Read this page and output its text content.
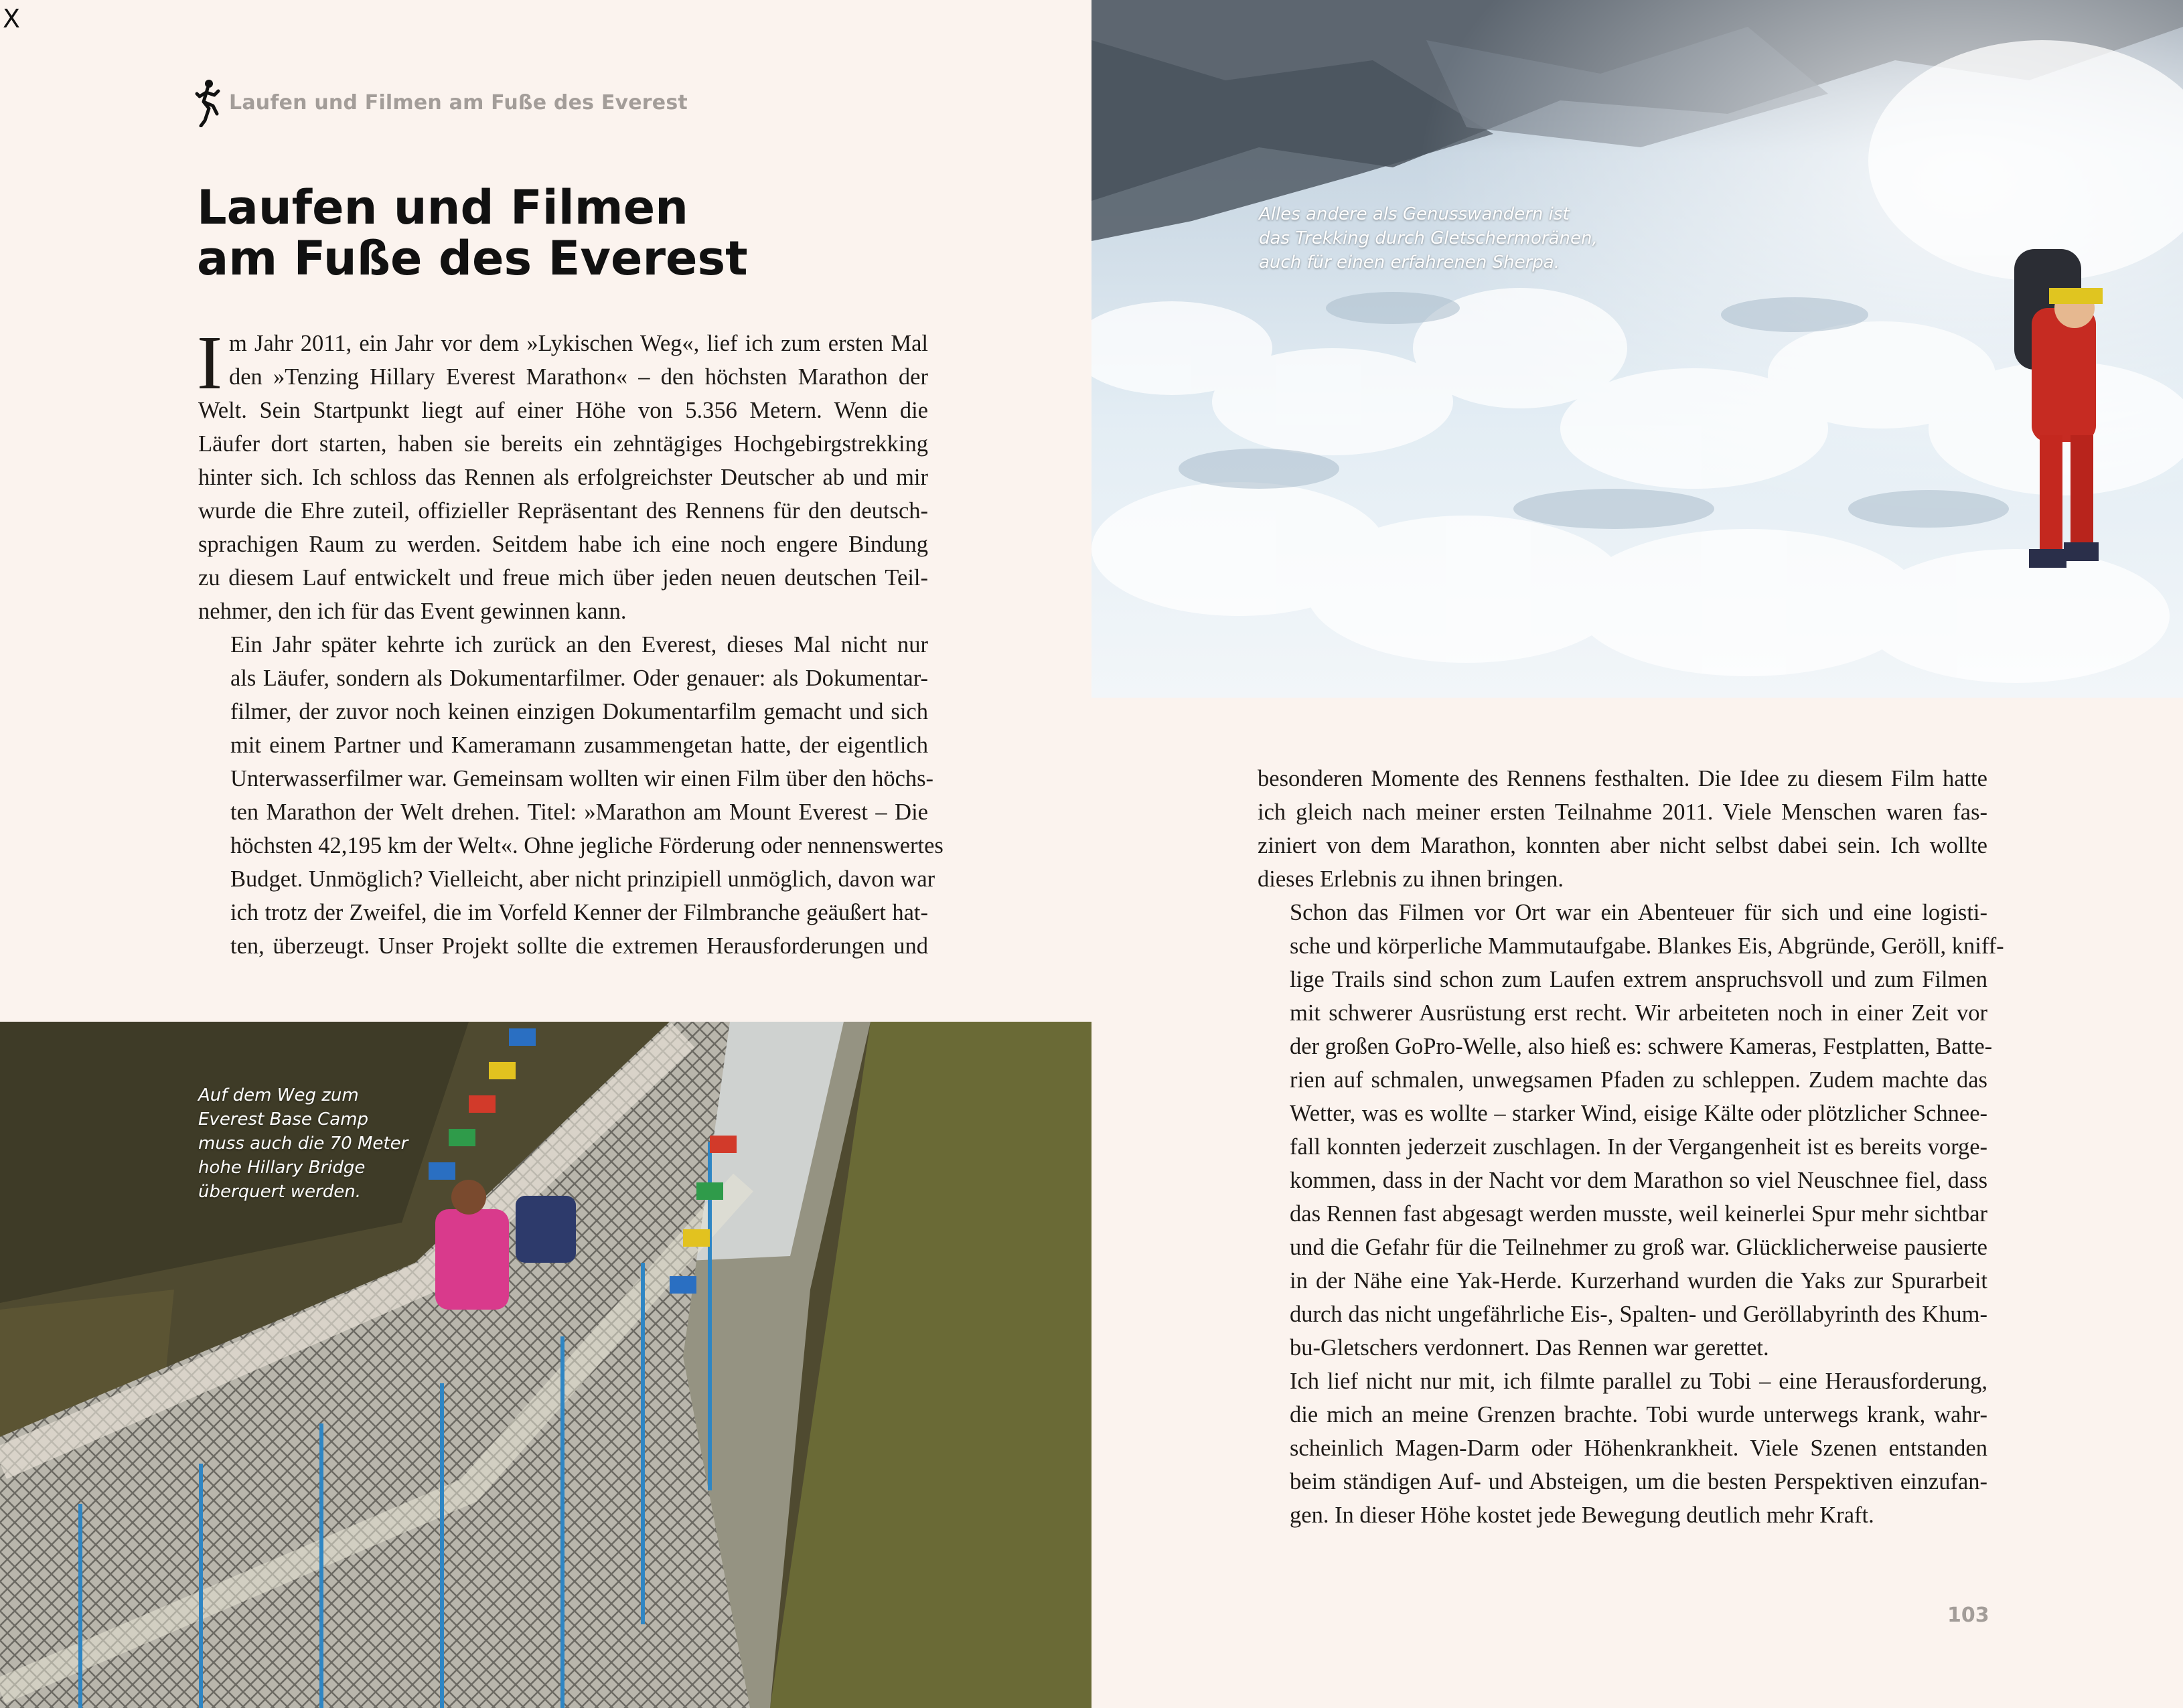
X
Laufen und Filmen am Fuße des Everest
Laufen und Filmen
am Fuße des Everest

I m Jahr 2011, ein Jahr vor dem »Lykischen Weg«, lief ich zum ersten Mal
den »Tenzing Hillary Everest Marathon« – den höchsten Marathon der
Welt. Sein Startpunkt liegt auf einer Höhe von 5.356 Metern. Wenn die
Läufer dort starten, haben sie bereits ein zehntägiges Hochgebirgstrekking
hinter sich. Ich schloss das Rennen als erfolgreichster Deutscher ab und mir
wurde die Ehre zuteil, offizieller Repräsentant des Rennens für den deutsch-
sprachigen Raum zu werden. Seitdem habe ich eine noch engere Bindung
zu diesem Lauf entwickelt und freue mich über jeden neuen deutschen Teil-
nehmer, den ich für das Event gewinnen kann.

Ein Jahr später kehrte ich zurück an den Everest, dieses Mal nicht nur
als Läufer, sondern als Dokumentarfilmer. Oder genauer: als Dokumentar-
filmer, der zuvor noch keinen einzigen Dokumentarfilm gemacht und sich
mit einem Partner und Kameramann zusammengetan hatte, der eigentlich
Unterwasserfilmer war. Gemeinsam wollten wir einen Film über den höchs-
ten Marathon der Welt drehen. Titel: »Marathon am Mount Everest – Die
höchsten 42,195 km der Welt«. Ohne jegliche Förderung oder nennenswertes
Budget. Unmöglich? Vielleicht, aber nicht prinzipiell unmöglich, davon war
ich trotz der Zweifel, die im Vorfeld Kenner der Filmbranche geäußert hat-
ten, überzeugt. Unser Projekt sollte die extremen Herausforderungen und

Alles andere als Genusswandern ist
das Trekking durch Gletschermoränen,
auch für einen erfahrenen Sherpa.

Auf dem Weg zum
Everest Base Camp
muss auch die 70 Meter
hohe Hillary Bridge
überquert werden.

besonderen Momente des Rennens festhalten. Die Idee zu diesem Film hatte
ich gleich nach meiner ersten Teilnahme 2011. Viele Menschen waren fas-
ziniert von dem Marathon, konnten aber nicht selbst dabei sein. Ich wollte
dieses Erlebnis zu ihnen bringen.

Schon das Filmen vor Ort war ein Abenteuer für sich und eine logisti-
sche und körperliche Mammutaufgabe. Blankes Eis, Abgründe, Geröll, kniff-
lige Trails sind schon zum Laufen extrem anspruchsvoll und zum Filmen
mit schwerer Ausrüstung erst recht. Wir arbeiteten noch in einer Zeit vor
der großen GoPro-Welle, also hieß es: schwere Kameras, Festplatten, Batte-
rien auf schmalen, unwegsamen Pfaden zu schleppen. Zudem machte das
Wetter, was es wollte – starker Wind, eisige Kälte oder plötzlicher Schnee-
fall konnten jederzeit zuschlagen. In der Vergangenheit ist es bereits vorge-
kommen, dass in der Nacht vor dem Marathon so viel Neuschnee fiel, dass
das Rennen fast abgesagt werden musste, weil keinerlei Spur mehr sichtbar
und die Gefahr für die Teilnehmer zu groß war. Glücklicherweise pausierte
in der Nähe eine Yak-Herde. Kurzerhand wurden die Yaks zur Spurarbeit
durch das nicht ungefährliche Eis-, Spalten- und Geröllabyrinth des Khum-
bu-Gletschers verdonnert. Das Rennen war gerettet.

Ich lief nicht nur mit, ich filmte parallel zu Tobi – eine Herausforderung,
die mich an meine Grenzen brachte. Tobi wurde unterwegs krank, wahr-
scheinlich Magen-Darm oder Höhenkrankheit. Viele Szenen entstanden
beim ständigen Auf- und Absteigen, um die besten Perspektiven einzufan-
gen. In dieser Höhe kostet jede Bewegung deutlich mehr Kraft.

103
